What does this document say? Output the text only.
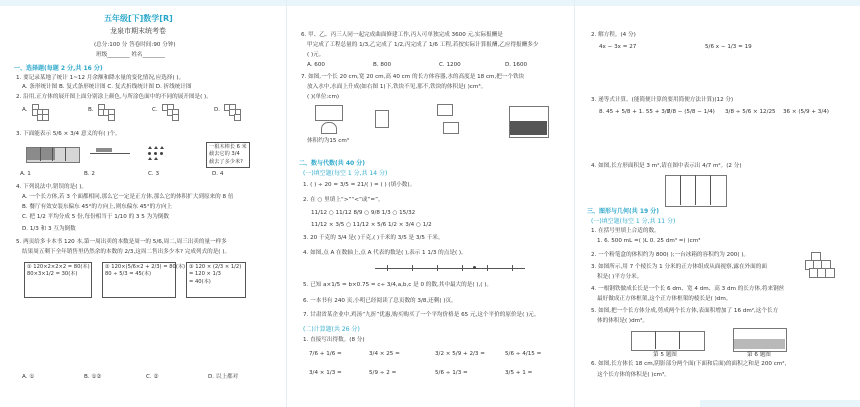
五年级[下]数学[R]
龙泉市期末统考卷
(总分:100 分 答卷时间:90 分钟)
班级________ 姓名________
一、选择题(每题 2 分,共 16 分)
1. 要记录某地了统计 1~12 月余额和降水量的变化情况,应选择( )。
A. 条形统计图 B. 复式条形统计图 C. 复式折线统计图 D. 折线统计图
2. 沿用,正方体的展开图上面分别涂上颜色,与所涂色面中的不同的展开图是( )。
A.	B.	C.	D.
3. 下面能表示 5/6 × 3/4 意义的有( )个。
一根木棒长 6 米
截去它的 3/4
截去了多少米?
A. 1	B. 2	C. 3	D. 4
4. 下列说法中,错误的是( )。
A. 一个长方体,若 3 个面都相同,那么它一定是正方体,那么它的体积扩大到原来的 8 倍
B. 餐厅有效安装东偏东 45°的方向上,则东偏东 45°的方向上
C. 把 1/2 平均分成 5 份,每份相当于 1/10 的 3 5 为为倒数
D. 1/3 和 3 互为倒数
5. 两页给多卡本书 120 本,第一周出卖的本数是周一的 5/6,周二,周三出卖的量一样多
结果周五剩下全年销售里仍然余的本数的 2/3,这周二售出多少本? 完成列式的是( )。
① 120×2×2×2 = 80(本)
80×3×1/2 = 30(本)
② 120×(5/6×2 + 2/3) = 80(本)
80 ÷ 5/3 = 45(本)
③ 120 × (2/3 × 1/2)
= 120 × 1/3
= 40(本)
A. ①	B. ①②	C. ②	D. 以上都对
6. 甲、乙、丙三人同一起完成曲面修建工作,丙人可单独完成 3600 元,实际报酬是
甲完成了工程总量的 1/3,乙完成了 1/2,丙完成了 1/6 工程,若按实际计算报酬,乙应得报酬多少
( )元。
A. 600	B. 800	C. 1200	D. 1600
7. 如图,一个长 20 cm,宽 20 cm,高 40 cm 的长方体容器,水的高度是 18 cm,把一个铁块
放入水中,水面上升成(如右图 1)下,铁块不见,那不,铁块的体积是( )cm³。
( )(单位:cm)
体积约为15 cm³
二、数与代数(共 40 分)
(一)填空题(每空 1 分,共 14 分)
1. ( ) ÷ 20 = 3/5 = 21/( ) = ( ) (填小数)。
2. 在 ○ 里填上“>”“<”或“=”。
11/12 ○ 11/12 8/9 ○ 9/8 1/3 ○ 15/32
11/12 × 3/5 ○ 11/12 × 5/6 1/2 × 3/4 ○ 1/2
3. 20 千克的 3/4 是( )千克,( )千米的 3/5 是 3/5 千米。
4. 如图,点 A 在数轴上,点 A 代表的数是( ),表示 1 1/3 的点是( )。
5. 已知 a×1/5 = b×0.75 = c÷ 3/4,a,b,c 是 0 的数,其中最大的是( ),( )。
6. 一本书有 240 页,小明已经阅读了总页数的 3/8,还剩( )页。
7. 甘肃省某企业中,鸡汤“九折”优惠,购买购买了一个平均价格是 65 元,这个平价的原价是( )元。
(二)计算题(共 26 分)
1. 直接写出得数。(8 分)
7/6 + 1/6 =	3/4 × 25 =	3/2 × 5/9 + 2/3 =	5/6 ÷ 4/15 =
3/4 × 1/3 =	5/9 ÷ 2 =	5/6 ÷ 1/3 =	3/5 + 1 =
2. 解方程。(4 分)
4x − 3x = 27	5/6 x − 1/3 = 19
3. 递等式计算。(能简便计算的要用简便方法计算)(12 分)
8. 45 + 5/8 + 1. 55 + 3/8
7/8 − (5/8 − 1/4) 3/8 ÷ 5/6 × 12/25 36 × (5/9 + 3/4)
4. 如图,长方形面积是 3 m²,请在图中表示出 4/7 m²。(2 分)
三、图形与几何(共 19 分)
(一)填空题(每空 1 分,共 11 分)
1. 在括号里填上合适的数。
1. 6. 500 mL =( )L 0. 25 dm³ =( )cm³
2. 一个粉笔盒的体积约为 800( );一台冰箱的容积约为 200( )。
3. 如图所示,用 7 个棱长为 1 分米的正方体组成从面视察,露在外面的面
积是( )平方分米。
4. 一根钢铁做成长长是一个长 6 dm、宽 4 dm、高 3 dm 的长方体,将来钢丝
最好做成正方体框架,这个正方体框架的棱长是( )dm。
5. 如图,把一个长方体分成,剪成两个长方体,表面积增加了 16 dm²,这个长方
体的体积是( )dm³。
第 5 题图	第 6 题图
6. 如图,长方体长 18 cm,阴影部分两个面(下面和后面)的面积之和是 200 cm²,
这个长方体的体积是( )cm³。
